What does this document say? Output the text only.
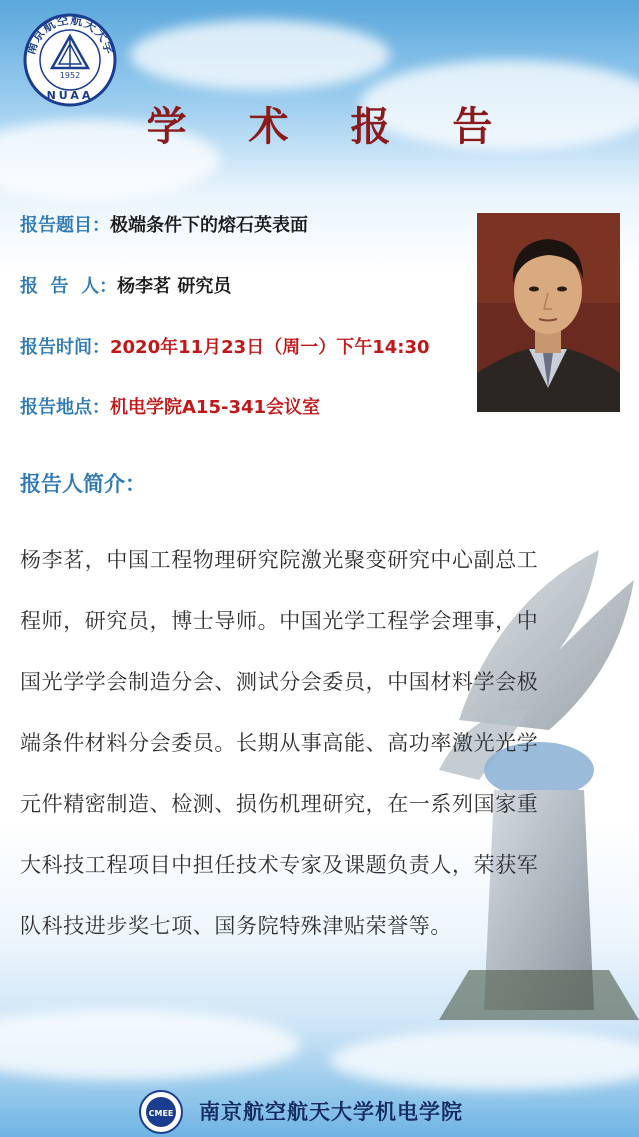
南京航空航天大学
1952
NUAA
学 术 报 告
报告题目：极端条件下的熔石英表面
报  告  人：杨李茗 研究员
报告时间：2020年11月23日（周一）下午14:30
报告地点：机电学院A15-341会议室
报告人简介：
杨李茗，中国工程物理研究院激光聚变研究中心副总工
程师，研究员，博士导师。中国光学工程学会理事，中
国光学学会制造分会、测试分会委员，中国材料学会极
端条件材料分会委员。长期从事高能、高功率激光光学
元件精密制造、检测、损伤机理研究，在一系列国家重
大科技工程项目中担任技术专家及课题负责人，荣获军
队科技进步奖七项、国务院特殊津贴荣誉等。
CMEE 南京航空航天大学机电学院
